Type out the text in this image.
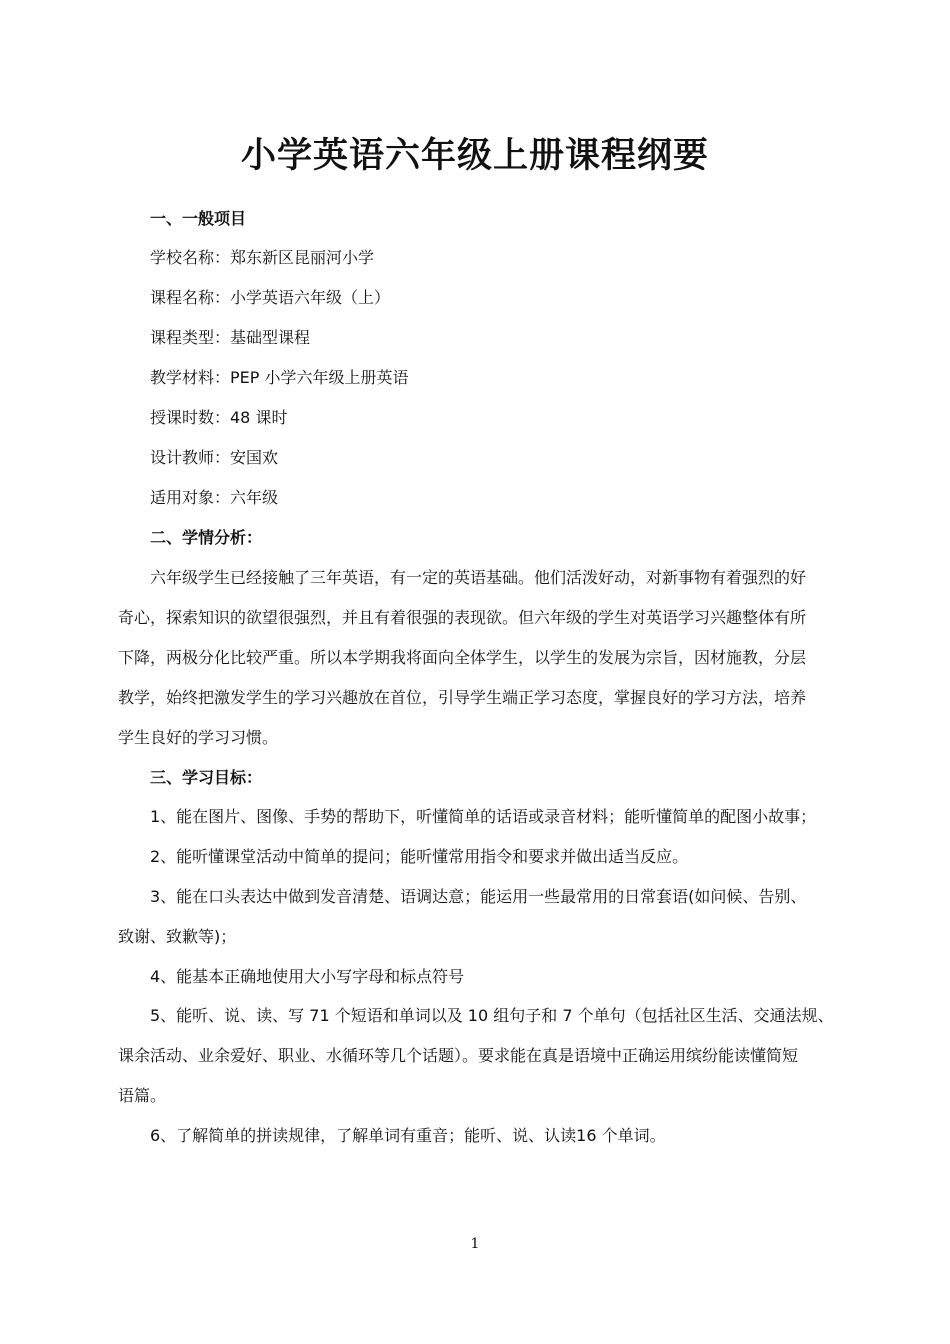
小学英语六年级上册课程纲要
一、一般项目
学校名称：郑东新区昆丽河小学
课程名称：小学英语六年级（上）
课程类型：基础型课程
教学材料：PEP 小学六年级上册英语
授课时数：48 课时
设计教师：安国欢
适用对象：六年级
二、学情分析：
六年级学生已经接触了三年英语，有一定的英语基础。他们活泼好动，对新事物有着强烈的好
奇心，探索知识的欲望很强烈，并且有着很强的表现欲。但六年级的学生对英语学习兴趣整体有所
下降，两极分化比较严重。所以本学期我将面向全体学生，以学生的发展为宗旨，因材施教，分层
教学，始终把激发学生的学习兴趣放在首位，引导学生端正学习态度，掌握良好的学习方法，培养
学生良好的学习习惯。
三、学习目标：
1、能在图片、图像、手势的帮助下，听懂简单的话语或录音材料；能听懂简单的配图小故事；
2、能听懂课堂活动中简单的提问；能听懂常用指令和要求并做出适当反应。
3、能在口头表达中做到发音清楚、语调达意；能运用一些最常用的日常套语(如问候、告别、
致谢、致歉等)；
4、能基本正确地使用大小写字母和标点符号
5、能听、说、读、写 71 个短语和单词以及 10 组句子和 7 个单句（包括社区生活、交通法规、
课余活动、业余爱好、职业、水循环等几个话题）。要求能在真是语境中正确运用缤纷能读懂简短
语篇。
6、了解简单的拼读规律，了解单词有重音；能听、说、认读16 个单词。
1
